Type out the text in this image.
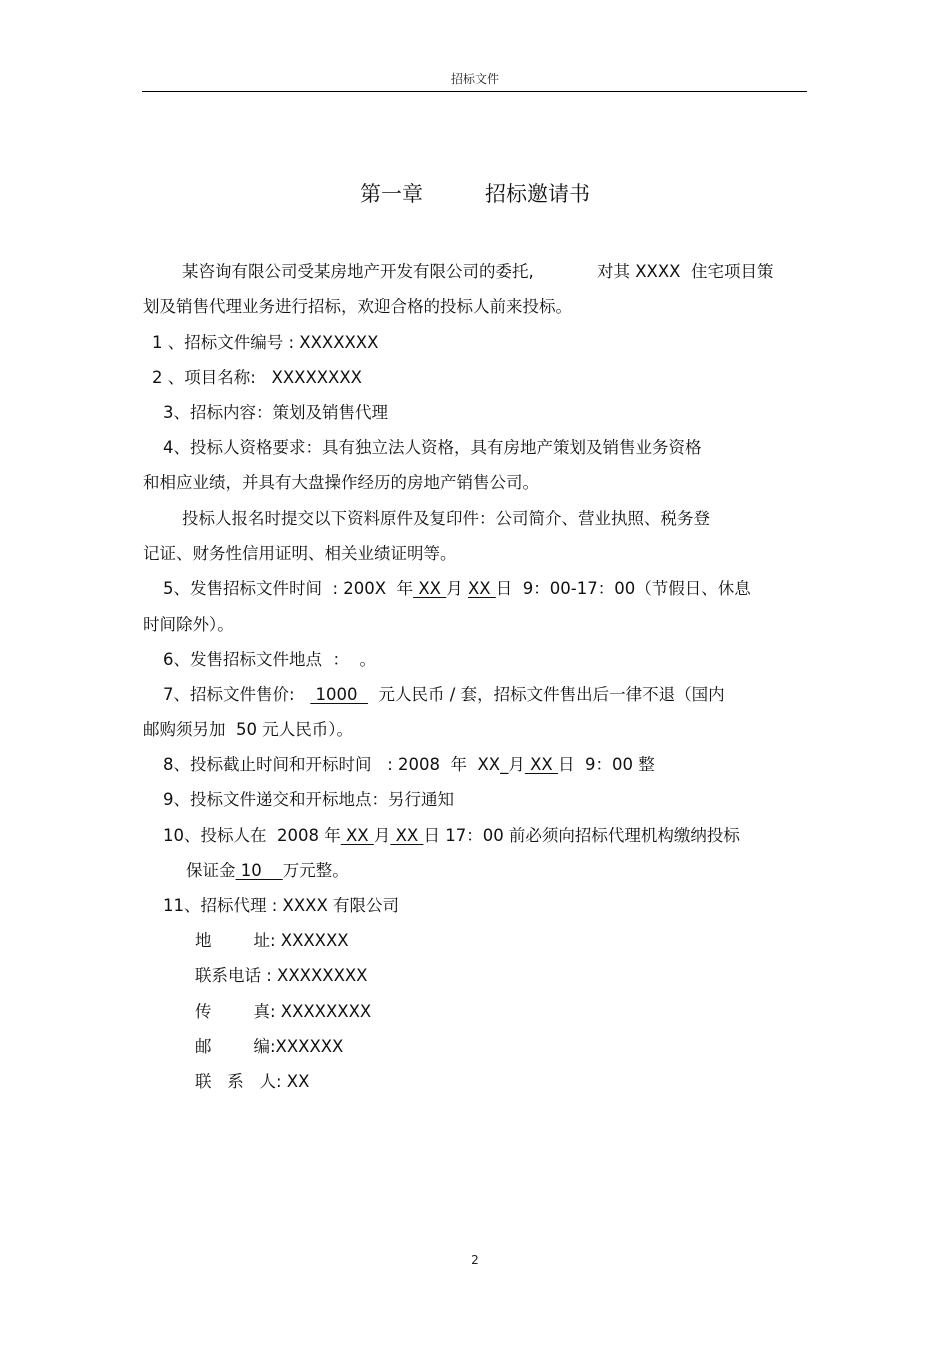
招标文件
第一章	招标邀请书
某咨询有限公司受某房地产开发有限公司的委托,	对其 XXXX  住宅项目策
划及销售代理业务进行招标，欢迎合格的投标人前来投标。
1 、招标文件编号 : XXXXXXX
2 、项目名称:   XXXXXXXX
3、招标内容：策划及销售代理
4、投标人资格要求：具有独立法人资格，具有房地产策划及销售业务资格
和相应业绩，并具有大盘操作经历的房地产销售公司。
投标人报名时提交以下资料原件及复印件：公司简介、营业执照、税务登
记证、财务性信用证明、相关业绩证明等。
5、发售招标文件时间  : 200X  年 XX 月 XX 日  9：00-17：00（节假日、休息
时间除外）。
6、发售招标文件地点  ：  。
7、招标文件售价:    1000    元人民币 / 套，招标文件售出后一律不退（国内
邮购须另加  50 元人民币）。
8、投标截止时间和开标时间   : 2008  年  XX_月 XX 日  9：00 整
9、投标文件递交和开标地点：另行通知
10、投标人在  2008 年 XX 月 XX 日 17：00 前必须向招标代理机构缴纳投标
保证金 10    万元整。
11、招标代理 : XXXX 有限公司
地        址: XXXXXX
联系电话 : XXXXXXXX
传        真: XXXXXXXX
邮        编:XXXXXX
联   系   人: XX
2
